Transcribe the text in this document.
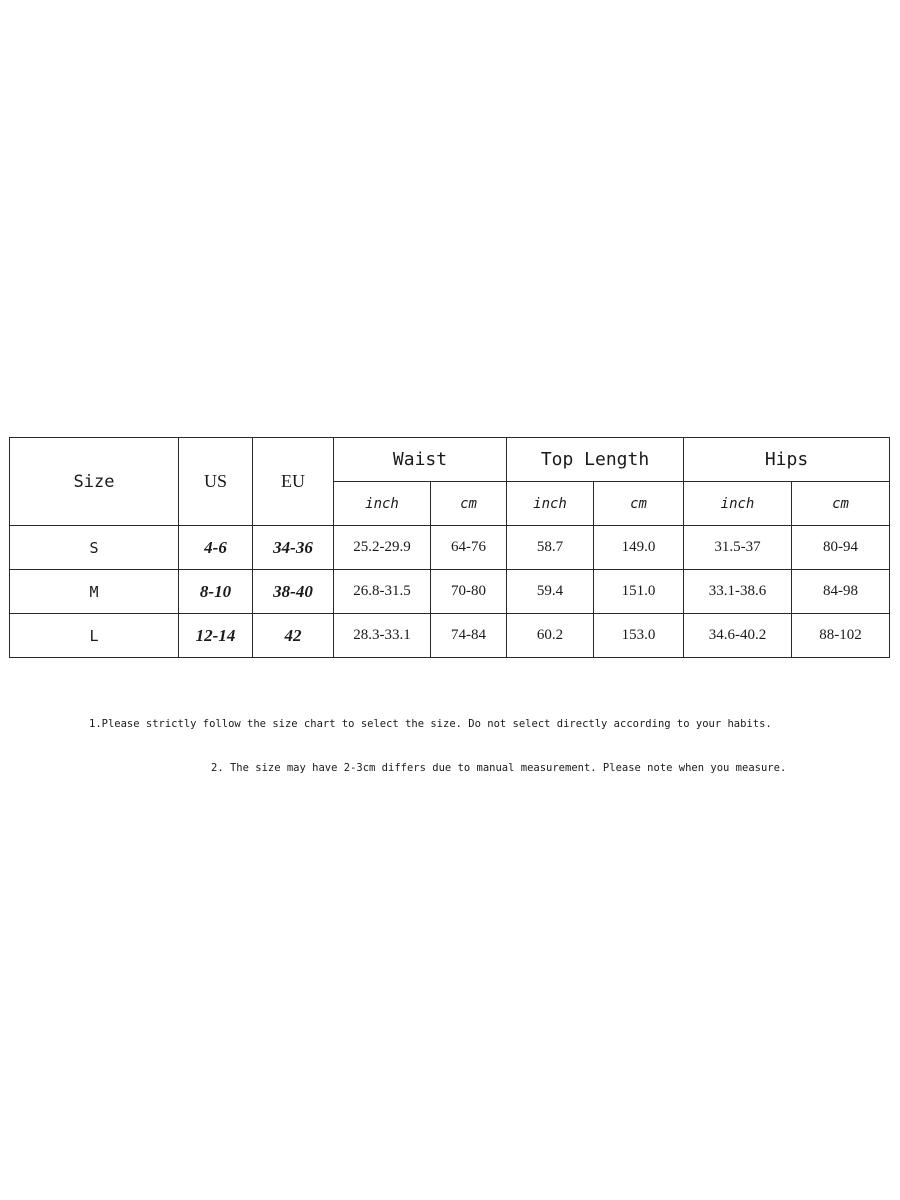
Size	US	EU	Waist		Top Length		Hips	
			inch	cm	inch	cm	inch	cm
S	4-6	34-36	25.2-29.9	64-76	58.7	149.0	31.5-37	80-94
M	8-10	38-40	26.8-31.5	70-80	59.4	151.0	33.1-38.6	84-98
L	12-14	42	28.3-33.1	74-84	60.2	153.0	34.6-40.2	88-102
1.Please strictly follow the size chart to select the size. Do not select directly according to your habits.
2. The size may have 2-3cm differs due to manual measurement. Please note when you measure.
